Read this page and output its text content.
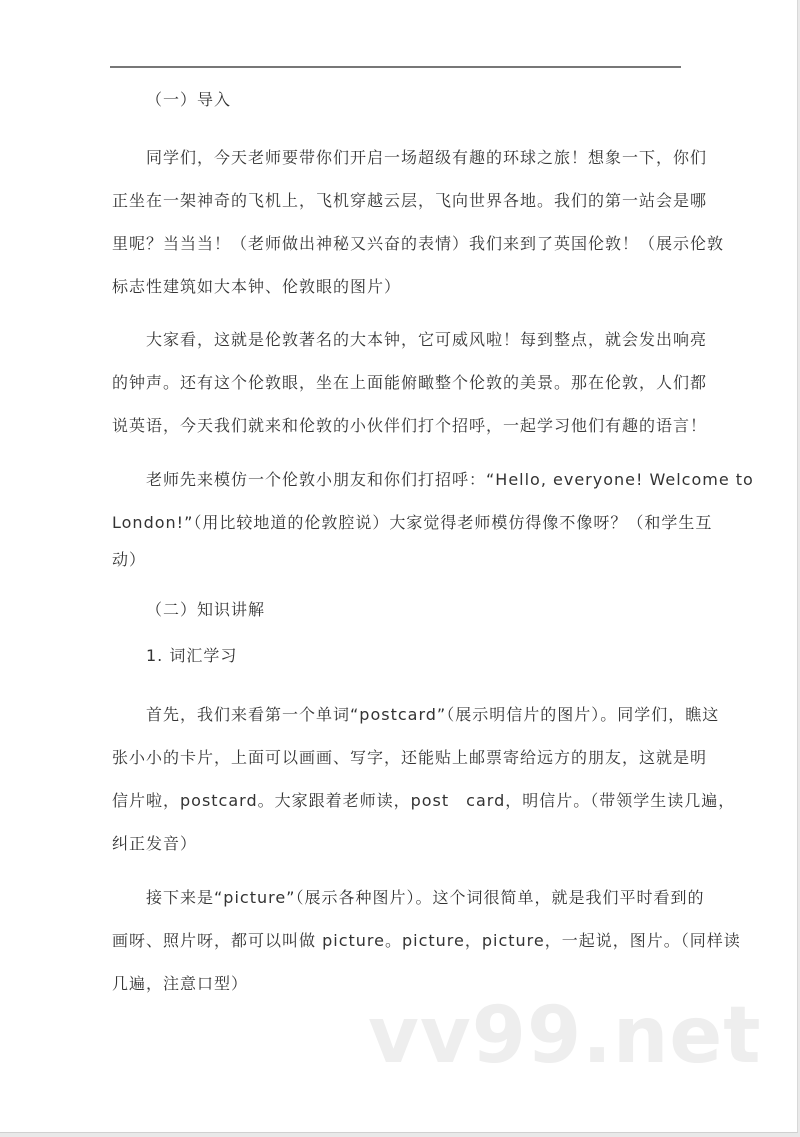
（一）导入
同学们，今天老师要带你们开启一场超级有趣的环球之旅！想象一下，你们
正坐在一架神奇的飞机上，飞机穿越云层，飞向世界各地。我们的第一站会是哪
里呢？当当当！（老师做出神秘又兴奋的表情）我们来到了英国伦敦！（展示伦敦
标志性建筑如大本钟、伦敦眼的图片）
大家看，这就是伦敦著名的大本钟，它可威风啦！每到整点，就会发出响亮
的钟声。还有这个伦敦眼，坐在上面能俯瞰整个伦敦的美景。那在伦敦，人们都
说英语，今天我们就来和伦敦的小伙伴们打个招呼，一起学习他们有趣的语言！
老师先来模仿一个伦敦小朋友和你们打招呼：“Hello, everyone! Welcome to
London!”（用比较地道的伦敦腔说）大家觉得老师模仿得像不像呀？（和学生互
动）
（二）知识讲解
1. 词汇学习
首先，我们来看第一个单词“postcard”（展示明信片的图片）。同学们，瞧这
张小小的卡片，上面可以画画、写字，还能贴上邮票寄给远方的朋友，这就是明
信片啦，postcard。大家跟着老师读，post　card，明信片。（带领学生读几遍，
纠正发音）
接下来是“picture”（展示各种图片）。这个词很简单，就是我们平时看到的
画呀、照片呀，都可以叫做 picture。picture，picture，一起说，图片。（同样读
几遍，注意口型）
vv99.net
